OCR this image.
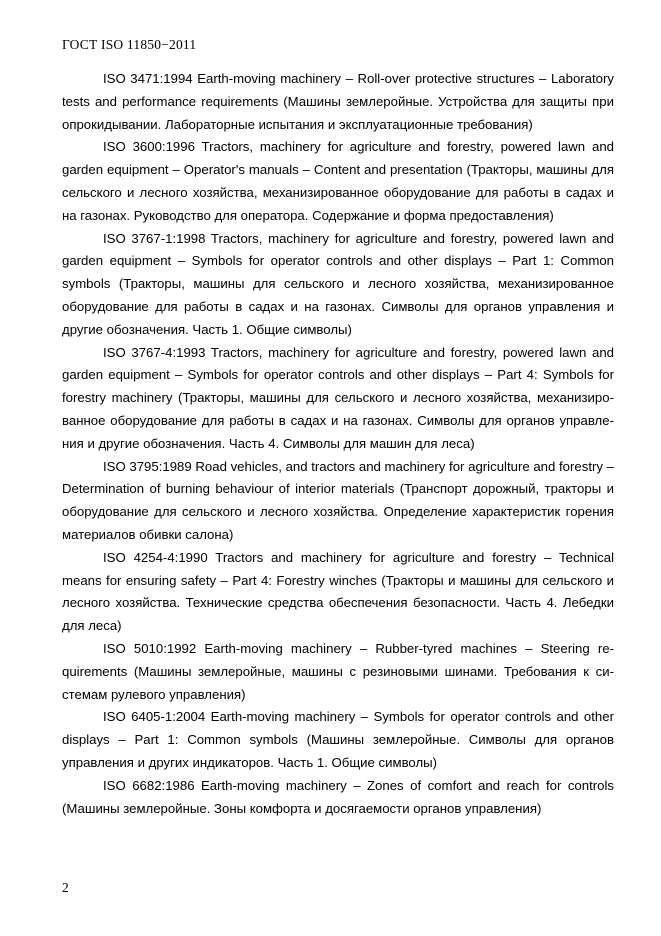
ГОСТ ISO 11850−2011

ISO 3471:1994 Earth-moving machinery – Roll-over protective structures – Laboratory tests and performance requirements (Машины землеройные. Устройства для защиты при опрокидывании. Лабораторные испытания и эксплуатационные требования)

ISO 3600:1996 Tractors, machinery for agriculture and forestry, powered lawn and garden equipment – Operator's manuals – Content and presentation (Тракторы, машины для сельского и лесного хозяйства, механизированное оборудование для работы в садах и на газонах. Руководство для оператора. Содержание и форма предоставления)

ISO 3767-1:1998 Tractors, machinery for agriculture and forestry, powered lawn and garden equipment – Symbols for operator controls and other displays – Part 1: Common symbols (Тракторы, машины для сельского и лесного хозяйства, механизированное оборудование для работы в садах и на газонах. Символы для органов управления и другие обозначения. Часть 1. Общие символы)

ISO 3767-4:1993 Tractors, machinery for agriculture and forestry, powered lawn and garden equipment – Symbols for operator controls and other displays – Part 4: Symbols for forestry machinery (Тракторы, машины для сельского и лесного хозяйства, механизированное оборудование для работы в садах и на газонах. Символы для органов управления и другие обозначения. Часть 4. Символы для машин для леса)

ISO 3795:1989 Road vehicles, and tractors and machinery for agriculture and forestry – Determination of burning behaviour of interior materials (Транспорт дорожный, тракторы и оборудование для сельского и лесного хозяйства. Определение характеристик горения материалов обивки салона)

ISO 4254-4:1990 Tractors and machinery for agriculture and forestry – Technical means for ensuring safety – Part 4: Forestry winches (Тракторы и машины для сельского и лесного хозяйства. Технические средства обеспечения безопасности. Часть 4. Лебедки для леса)

ISO 5010:1992 Earth-moving machinery – Rubber-tyred machines – Steering requirements (Машины землеройные, машины с резиновыми шинами. Требования к системам рулевого управления)

ISO 6405-1:2004 Earth-moving machinery – Symbols for operator controls and other displays – Part 1: Common symbols (Машины землеройные. Символы для органов управления и других индикаторов. Часть 1. Общие символы)

ISO 6682:1986 Earth-moving machinery – Zones of comfort and reach for controls (Машины землеройные. Зоны комфорта и досягаемости органов управления)

2
